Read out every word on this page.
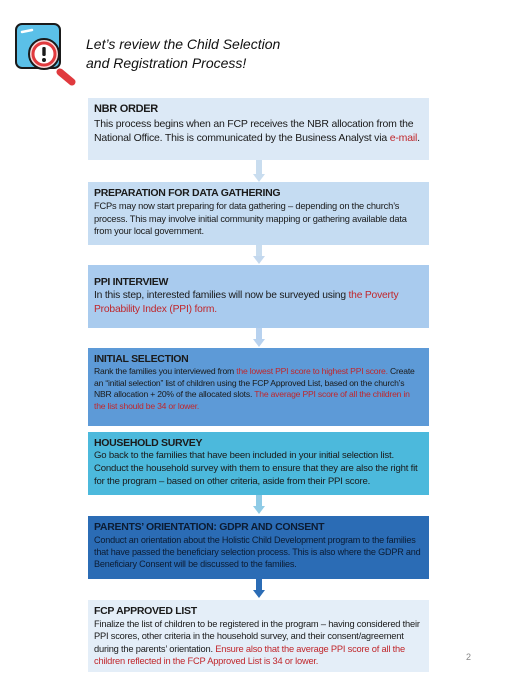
Let’s review the Child Selection
and Registration Process!
NBR ORDER
This process begins when an FCP receives the NBR allocation from the National Office. This is communicated by the Business Analyst via e-mail.
PREPARATION FOR DATA GATHERING
FCPs may now start preparing for data gathering – depending on the church’s process. This may involve initial community mapping or gathering available data from your local government.
PPI INTERVIEW
In this step, interested families will now be surveyed using the Poverty Probability Index (PPI) form.
INITIAL SELECTION
Rank the families you interviewed from the lowest PPI score to highest PPI score. Create an “initial selection” list of children using the FCP Approved List, based on the church’s NBR allocation + 20% of the allocated slots. The average PPI score of all the children in the list should be 34 or lower.
HOUSEHOLD SURVEY
Go back to the families that have been included in your initial selection list. Conduct the household survey with them to ensure that they are also the right fit for the program – based on other criteria, aside from their PPI score.
PARENTS’ ORIENTATION: GDPR AND CONSENT
Conduct an orientation about the Holistic Child Development program to the families that have passed the beneficiary selection process. This is also where the GDPR and Beneficiary Consent will be discussed to the families.
FCP APPROVED LIST
Finalize the list of children to be registered in the program – having considered their PPI scores, other criteria in the household survey, and their consent/agreement during the parents’ orientation. Ensure also that the average PPI score of all the children reflected in the FCP Approved List is 34 or lower.	2
